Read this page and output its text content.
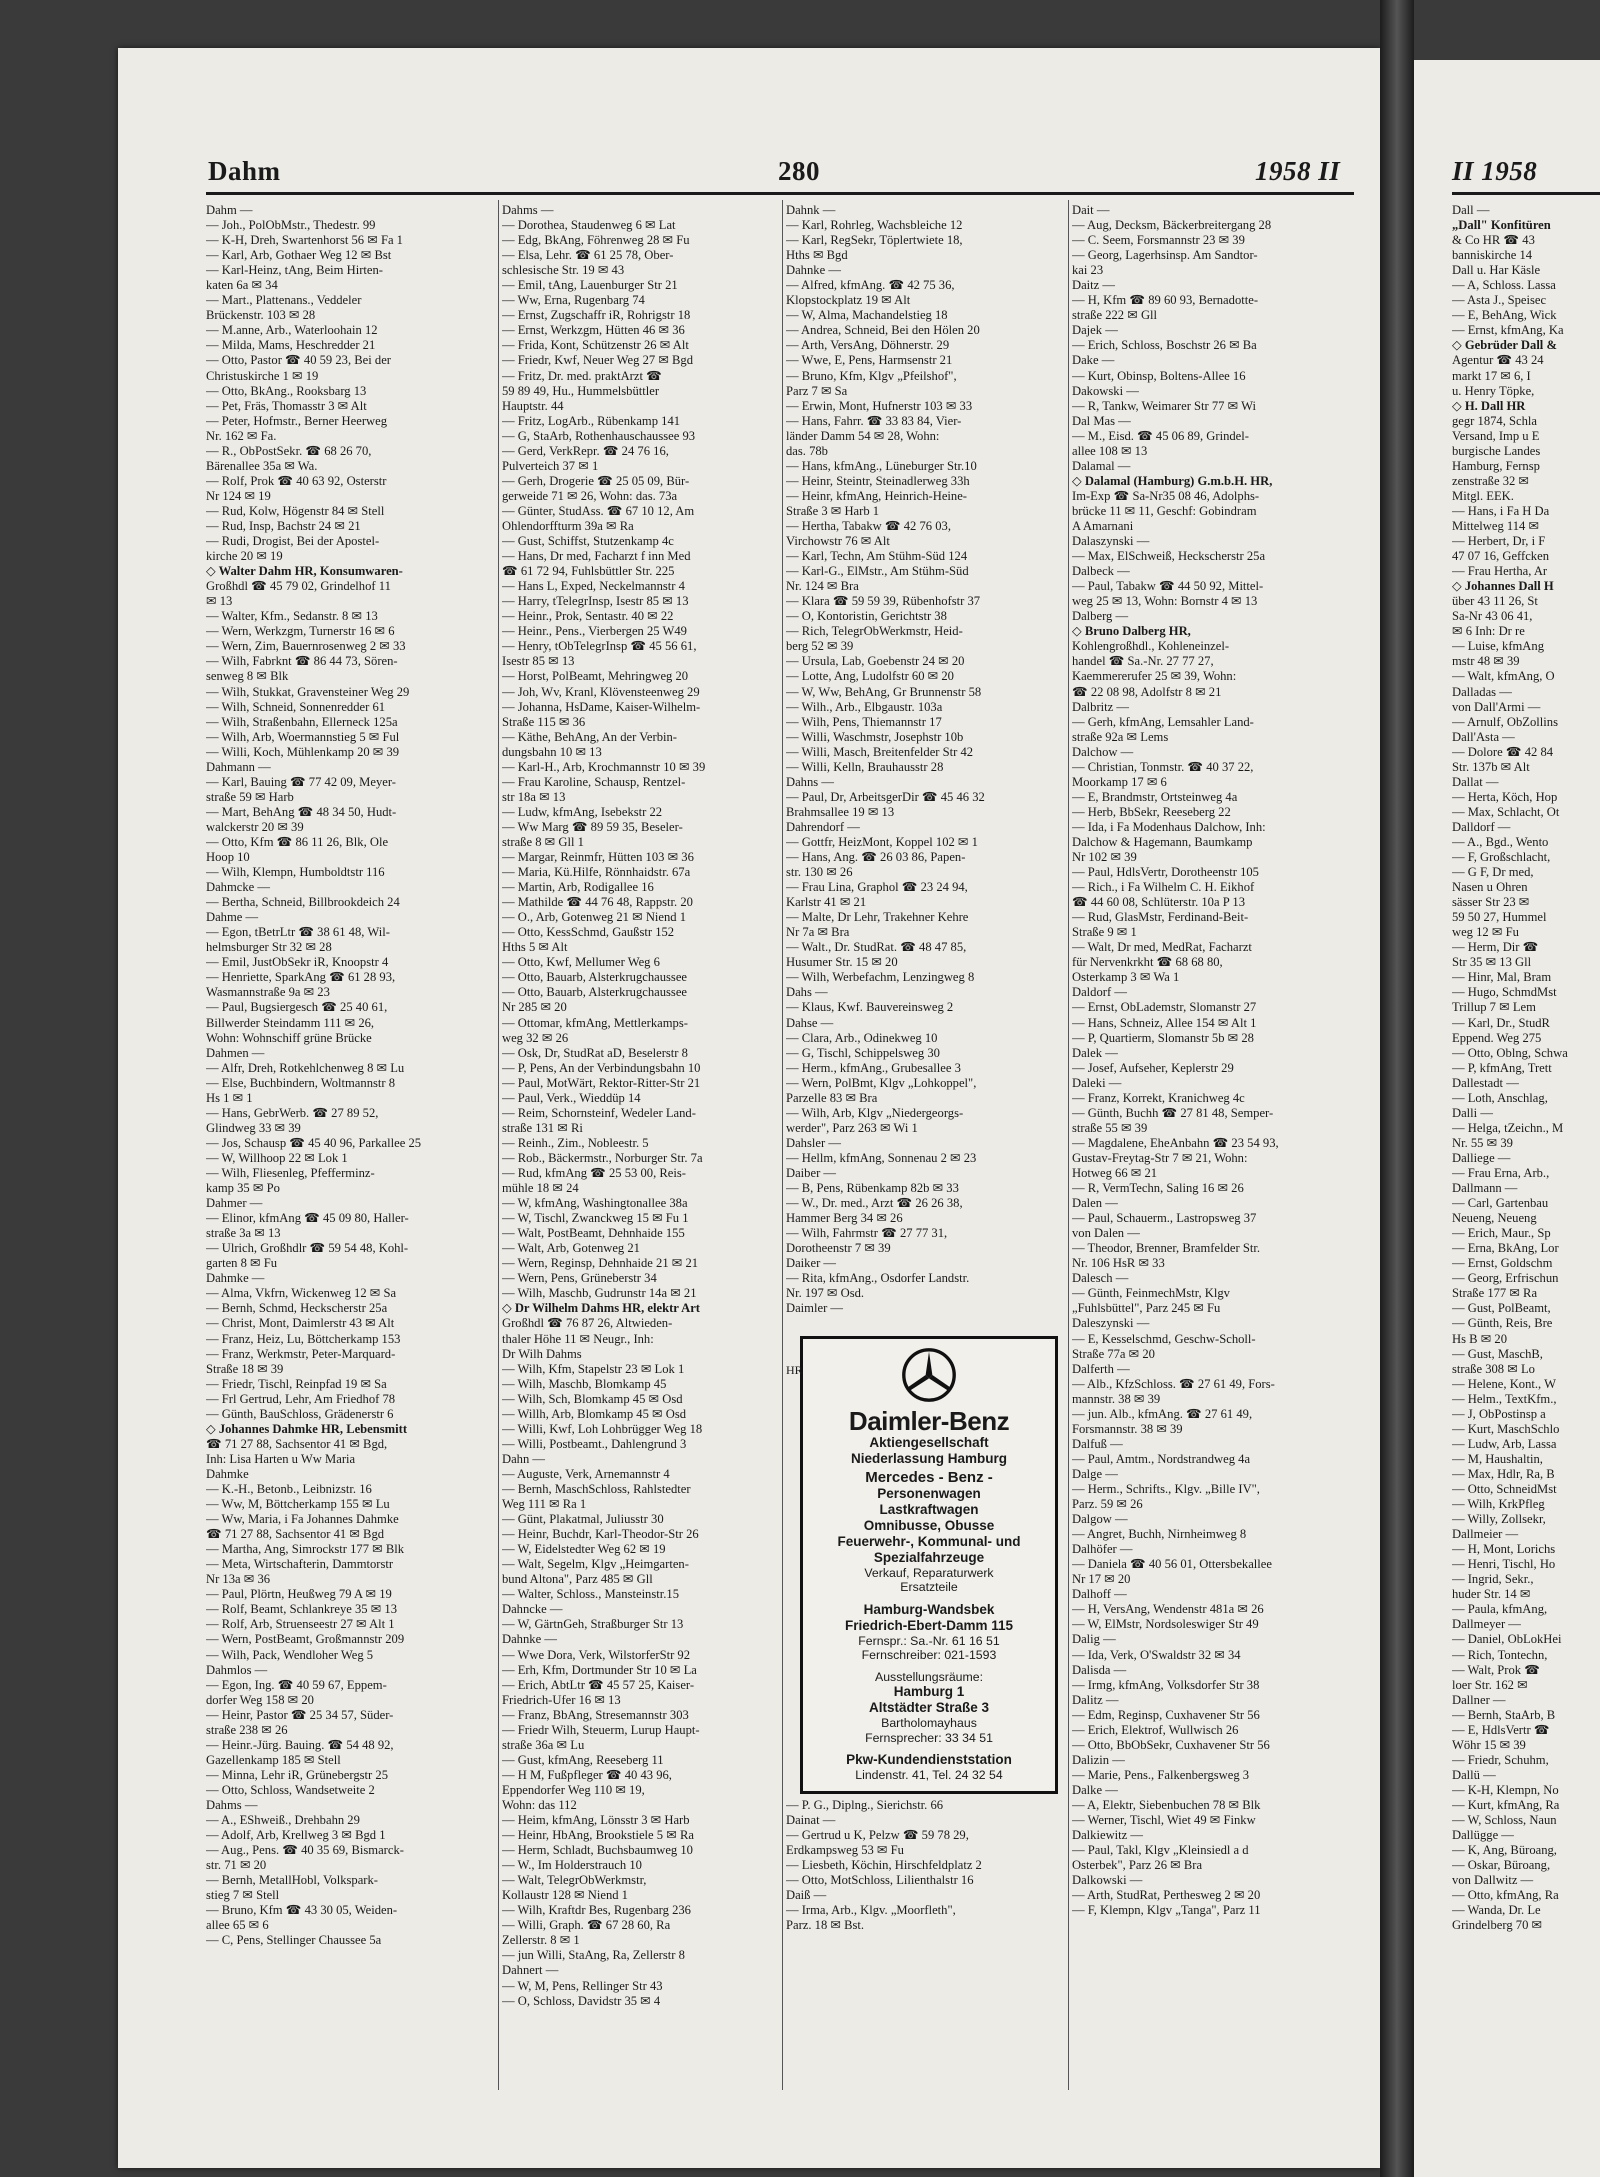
Dahm	280	1958 II	II 1958
Dahm —
— Joh., PolObMstr., Thedestr. 99
— K-H, Dreh, Swartenhorst 56 ✉ Fa 1
— Karl, Arb, Gothaer Weg 12 ✉ Bst
— Karl-Heinz, tAng, Beim Hirten-
katen 6a ✉ 34
— Mart., Plattenans., Veddeler
Brückenstr. 103 ✉ 28
— M.anne, Arb., Waterloohain 12
— Milda, Mams, Heschredder 21
— Otto, Pastor ☎ 40 59 23, Bei der
Christuskirche 1 ✉ 19
— Otto, BkAng., Rooksbarg 13
— Pet, Fräs, Thomasstr 3 ✉ Alt
— Peter, Hofmstr., Berner Heerweg
Nr. 162 ✉ Fa.
— R., ObPostSekr. ☎ 68 26 70,
Bärenallee 35a ✉ Wa.
— Rolf, Prok ☎ 40 63 92, Osterstr
Nr 124 ✉ 19
— Rud, Kolw, Högenstr 84 ✉ Stell
— Rud, Insp, Bachstr 24 ✉ 21
— Rudi, Drogist, Bei der Apostel-
kirche 20 ✉ 19
◇ Walter Dahm HR, Konsumwaren-
Großhdl ☎ 45 79 02, Grindelhof 11
✉ 13
— Walter, Kfm., Sedanstr. 8 ✉ 13
— Wern, Werkzgm, Turnerstr 16 ✉ 6
— Wern, Zim, Bauernrosenweg 2 ✉ 33
— Wilh, Fabrknt ☎ 86 44 73, Sören-
senweg 8 ✉ Blk
— Wilh, Stukkat, Gravensteiner Weg 29
— Wilh, Schneid, Sonnenredder 61
— Wilh, Straßenbahn, Ellerneck 125a
— Wilh, Arb, Woermannstieg 5 ✉ Ful
— Willi, Koch, Mühlenkamp 20 ✉ 39
Dahmann —
— Karl, Bauing ☎ 77 42 09, Meyer-
straße 59 ✉ Harb
— Mart, BehAng ☎ 48 34 50, Hudt-
walckerstr 20 ✉ 39
— Otto, Kfm ☎ 86 11 26, Blk, Ole
Hoop 10
— Wilh, Klempn, Humboldtstr 116
Dahmcke —
— Bertha, Schneid, Billbrookdeich 24
Dahme —
— Egon, tBetrLtr ☎ 38 61 48, Wil-
helmsburger Str 32 ✉ 28
— Emil, JustObSekr iR, Knoopstr 4
— Henriette, SparkAng ☎ 61 28 93,
Wasmannstraße 9a ✉ 23
— Paul, Bugsiergesch ☎ 25 40 61,
Billwerder Steindamm 111 ✉ 26,
Wohn: Wohnschiff grüne Brücke
Dahmen —
— Alfr, Dreh, Rotkehlchenweg 8 ✉ Lu
— Else, Buchbindern, Woltmannstr 8
Hs 1 ✉ 1
— Hans, GebrWerb. ☎ 27 89 52,
Glindweg 33 ✉ 39
— Jos, Schausp ☎ 45 40 96, Parkallee 25
— W, Willhoop 22 ✉ Lok 1
— Wilh, Fliesenleg, Pfefferminz-
kamp 35 ✉ Po
Dahmer —
— Elinor, kfmAng ☎ 45 09 80, Haller-
straße 3a ✉ 13
— Ulrich, Großhdlr ☎ 59 54 48, Kohl-
garten 8 ✉ Fu
Dahmke —
— Alma, Vkfrn, Wickenweg 12 ✉ Sa
— Bernh, Schmd, Heckscherstr 25a
— Christ, Mont, Daimlerstr 43 ✉ Alt
— Franz, Heiz, Lu, Böttcherkamp 153
— Franz, Werkmstr, Peter-Marquard-
Straße 18 ✉ 39
— Friedr, Tischl, Reinpfad 19 ✉ Sa
— Frl Gertrud, Lehr, Am Friedhof 78
— Günth, BauSchloss, Grädenerstr 6
◇ Johannes Dahmke HR, Lebensmitt
☎ 71 27 88, Sachsentor 41 ✉ Bgd,
Inh: Lisa Harten u Ww Maria
Dahmke
— K.-H., Betonb., Leibnizstr. 16
— Ww, M, Böttcherkamp 155 ✉ Lu
— Ww, Maria, i Fa Johannes Dahmke
☎ 71 27 88, Sachsentor 41 ✉ Bgd
— Martha, Ang, Simrockstr 177 ✉ Blk
— Meta, Wirtschafterin, Dammtorstr
Nr 13a ✉ 36
— Paul, Plörtn, Heußweg 79 A ✉ 19
— Rolf, Beamt, Schlankreye 35 ✉ 13
— Rolf, Arb, Struenseestr 27 ✉ Alt 1
— Wern, PostBeamt, Großmannstr 209
— Wilh, Pack, Wendloher Weg 5
Dahmlos —
— Egon, Ing. ☎ 40 59 67, Eppem-
dorfer Weg 158 ✉ 20
— Heinr, Pastor ☎ 25 34 57, Süder-
straße 238 ✉ 26
— Heinr.-Jürg. Bauing. ☎ 54 48 92,
Gazellenkamp 185 ✉ Stell
— Minna, Lehr iR, Grünebergstr 25
— Otto, Schloss, Wandsetweite 2
Dahms —
— A., EShweiß., Drehbahn 29
— Adolf, Arb, Krellweg 3 ✉ Bgd 1
— Aug., Pens. ☎ 40 35 69, Bismarck-
str. 71 ✉ 20
— Bernh, MetallHobl, Volkspark-
stieg 7 ✉ Stell
— Bruno, Kfm ☎ 43 30 05, Weiden-
allee 65 ✉ 6
— C, Pens, Stellinger Chaussee 5a
Dahms —
— Dorothea, Staudenweg 6 ✉ Lat
— Edg, BkAng, Föhrenweg 28 ✉ Fu
— Elsa, Lehr. ☎ 61 25 78, Ober-
schlesische Str. 19 ✉ 43
— Emil, tAng, Lauenburger Str 21
— Ww, Erna, Rugenbarg 74
— Ernst, Zugschaffr iR, Rohrigstr 18
— Ernst, Werkzgm, Hütten 46 ✉ 36
— Frida, Kont, Schützenstr 26 ✉ Alt
— Friedr, Kwf, Neuer Weg 27 ✉ Bgd
— Fritz, Dr. med. praktArzt ☎
59 89 49, Hu., Hummelsbüttler
Hauptstr. 44
— Fritz, LogArb., Rübenkamp 141
— G, StaArb, Rothenhauschaussee 93
— Gerd, VerkRepr. ☎ 24 76 16,
Pulverteich 37 ✉ 1
— Gerh, Drogerie ☎ 25 05 09, Bür-
gerweide 71 ✉ 26, Wohn: das. 73a
— Günter, StudAss. ☎ 67 10 12, Am
Ohlendorffturm 39a ✉ Ra
— Gust, Schiffst, Stutzenkamp 4c
— Hans, Dr med, Facharzt f inn Med
☎ 61 72 94, Fuhlsbüttler Str. 225
— Hans L, Exped, Neckelmannstr 4
— Harry, tTelegrInsp, Isestr 85 ✉ 13
— Heinr., Prok, Sentastr. 40 ✉ 22
— Heinr., Pens., Vierbergen 25 W49
— Henry, tObTelegrInsp ☎ 45 56 61,
Isestr 85 ✉ 13
— Horst, PolBeamt, Mehringweg 20
— Joh, Wv, Kranl, Klövensteenweg 29
— Johanna, HsDame, Kaiser-Wilhelm-
Straße 115 ✉ 36
— Käthe, BehAng, An der Verbin-
dungsbahn 10 ✉ 13
— Karl-H., Arb, Krochmannstr 10 ✉ 39
— Frau Karoline, Schausp, Rentzel-
str 18a ✉ 13
— Ludw, kfmAng, Isebekstr 22
— Ww Marg ☎ 89 59 35, Beseler-
straße 8 ✉ Gll 1
— Margar, Reinmfr, Hütten 103 ✉ 36
— Maria, Kü.Hilfe, Rönnhaidstr. 67a
— Martin, Arb, Rodigallee 16
— Mathilde ☎ 44 76 48, Rappstr. 20
— O., Arb, Gotenweg 21 ✉ Niend 1
— Otto, KessSchmd, Gaußstr 152
Hths 5 ✉ Alt
— Otto, Kwf, Mellumer Weg 6
— Otto, Bauarb, Alsterkrugchaussee
— Otto, Bauarb, Alsterkrugchaussee
Nr 285 ✉ 20
— Ottomar, kfmAng, Mettlerkamps-
weg 32 ✉ 26
— Osk, Dr, StudRat aD, Beselerstr 8
— P, Pens, An der Verbindungsbahn 10
— Paul, MotWärt, Rektor-Ritter-Str 21
— Paul, Verk., Wieddüp 14
— Reim, Schornsteinf, Wedeler Land-
straße 131 ✉ Ri
— Reinh., Zim., Nobleestr. 5
— Rob., Bäckermstr., Norburger Str. 7a
— Rud, kfmAng ☎ 25 53 00, Reis-
mühle 18 ✉ 24
— W, kfmAng, Washingtonallee 38a
— W, Tischl, Zwanckweg 15 ✉ Fu 1
— Walt, PostBeamt, Dehnhaide 155
— Walt, Arb, Gotenweg 21
— Wern, Reginsp, Dehnhaide 21 ✉ 21
— Wern, Pens, Grüneberstr 34
— Wilh, Maschb, Gudrunstr 14a ✉ 21
◇ Dr Wilhelm Dahms HR, elektr Art
Großhdl ☎ 76 87 26, Altwieden-
thaler Höhe 11 ✉ Neugr., Inh:
Dr Wilh Dahms
— Wilh, Kfm, Stapelstr 23 ✉ Lok 1
— Wilh, Maschb, Blomkamp 45
— Wilh, Sch, Blomkamp 45 ✉ Osd
— Willh, Arb, Blomkamp 45 ✉ Osd
— Willi, Kwf, Loh Lohbrügger Weg 18
— Willi, Postbeamt., Dahlengrund 3
Dahn —
— Auguste, Verk, Arnemannstr 4
— Bernh, MaschSchloss, Rahlstedter
Weg 111 ✉ Ra 1
— Günt, Plakatmal, Juliusstr 30
— Heinr, Buchdr, Karl-Theodor-Str 26
— W, Eidelstedter Weg 62 ✉ 19
— Walt, Segelm, Klgv „Heimgarten-
bund Altona", Parz 485 ✉ Gll
— Walter, Schloss., Mansteinstr.15
Dahncke —
— W, GärtnGeh, Straßburger Str 13
Dahnke —
— Wwe Dora, Verk, WilstorferStr 92
— Erh, Kfm, Dortmunder Str 10 ✉ La
— Erich, AbtLtr ☎ 45 57 25, Kaiser-
Friedrich-Ufer 16 ✉ 13
— Franz, BbAng, Stresemannstr 303
— Friedr Wilh, Steuerm, Lurup Haupt-
straße 36a ✉ Lu
— Gust, kfmAng, Reeseberg 11
— H M, Fußpfleger ☎ 40 43 96,
Eppendorfer Weg 110 ✉ 19,
Wohn: das 112
— Heim, kfmAng, Lönsstr 3 ✉ Harb
— Heinr, HbAng, Brookstiele 5 ✉ Ra
— Herm, Schladt, Buchsbaumweg 10
— W., Im Holderstrauch 10
— Walt, TelegrObWerkmstr,
Kollaustr 128 ✉ Niend 1
— Wilh, Kraftdr Bes, Rugenbarg 236
— Willi, Graph. ☎ 67 28 60, Ra
Zellerstr. 8 ✉ 1
— jun Willi, StaAng, Ra, Zellerstr 8
Dahnert —
— W, M, Pens, Rellinger Str 43
— O, Schloss, Davidstr 35 ✉ 4
Dahnk —
— Karl, Rohrleg, Wachsbleiche 12
— Karl, RegSekr, Töplertwiete 18,
Hths ✉ Bgd
Dahnke —
— Alfred, kfmAng. ☎ 42 75 36,
Klopstockplatz 19 ✉ Alt
— W, Alma, Machandelstieg 18
— Andrea, Schneid, Bei den Hölen 20
— Arth, VersAng, Döhnerstr. 29
— Wwe, E, Pens, Harmsenstr 21
— Bruno, Kfm, Klgv „Pfeilshof",
Parz 7 ✉ Sa
— Erwin, Mont, Hufnerstr 103 ✉ 33
— Hans, Fahrr. ☎ 33 83 84, Vier-
länder Damm 54 ✉ 28, Wohn:
das. 78b
— Hans, kfmAng., Lüneburger Str.10
— Heinr, Steintr, Steinadlerweg 33h
— Heinr, kfmAng, Heinrich-Heine-
Straße 3 ✉ Harb 1
— Hertha, Tabakw ☎ 42 76 03,
Virchowstr 76 ✉ Alt
— Karl, Techn, Am Stühm-Süd 124
— Karl-G., ElMstr., Am Stühm-Süd
Nr. 124 ✉ Bra
— Klara ☎ 59 59 39, Rübenhofstr 37
— O, Kontoristin, Gerichtstr 38
— Rich, TelegrObWerkmstr, Heid-
berg 52 ✉ 39
— Ursula, Lab, Goebenstr 24 ✉ 20
— Lotte, Ang, Ludolfstr 60 ✉ 20
— W, Ww, BehAng, Gr Brunnenstr 58
— Wilh., Arb., Elbgaustr. 103a
— Wilh, Pens, Thiemannstr 17
— Willi, Waschmstr, Josephstr 10b
— Willi, Masch, Breitenfelder Str 42
— Willi, Kelln, Brauhausstr 28
Dahns —
— Paul, Dr, ArbeitsgerDir ☎ 45 46 32
Brahmsallee 19 ✉ 13
Dahrendorf —
— Gottfr, HeizMont, Koppel 102 ✉ 1
— Hans, Ang. ☎ 26 03 86, Papen-
str. 130 ✉ 26
— Frau Lina, Graphol ☎ 23 24 94,
Karlstr 41 ✉ 21
— Malte, Dr Lehr, Trakehner Kehre
Nr 7a ✉ Bra
— Walt., Dr. StudRat. ☎ 48 47 85,
Husumer Str. 15 ✉ 20
— Wilh, Werbefachm, Lenzingweg 8
Dahs —
— Klaus, Kwf. Bauvereinsweg 2
Dahse —
— Clara, Arb., Odinekweg 10
— G, Tischl, Schippelsweg 30
— Herm., kfmAng., Grubesallee 3
— Wern, PolBmt, Klgv „Lohkoppel",
Parzelle 83 ✉ Bra
— Wilh, Arb, Klgv „Niedergeorgs-
werder", Parz 263 ✉ Wi 1
Dahsler —
— Hellm, kfmAng, Sonnenau 2 ✉ 23
Daiber —
— B, Pens, Rübenkamp 82b ✉ 33
— W., Dr. med., Arzt ☎ 26 26 38,
Hammer Berg 34 ✉ 26
— Wilh, Fahrmstr ☎ 27 77 31,
Dorotheenstr 7 ✉ 39
Daiker —
— Rita, kfmAng., Osdorfer Landstr.
Nr. 197 ✉ Osd.
Daimler —

Daimler-Benz
Aktiengesellschaft
Niederlassung Hamburg
Mercedes - Benz -
Personenwagen
Lastkraftwagen
Omnibusse, Obusse
Feuerwehr-, Kommunal- und
Spezialfahrzeuge
Verkauf, Reparaturwerk
Ersatzteile
Hamburg-Wandsbek
Friedrich-Ebert-Damm 115
Fernspr.: Sa.-Nr. 61 16 51
Fernschreiber: 021-1593
Ausstellungsräume:
Hamburg 1
Altstädter Straße 3
Bartholomayhaus
Fernsprecher: 33 34 51
Pkw-Kundendienststation
Lindenstr. 41, Tel. 24 32 54
— P. G., Diplng., Sierichstr. 66
Dainat —
— Gertrud u K, Pelzw ☎ 59 78 29,
Erdkampsweg 53 ✉ Fu
— Liesbeth, Köchin, Hirschfeldplatz 2
— Otto, MotSchloss, Lilienthalstr 16
Daiß —
— Irma, Arb., Klgv. „Moorfleth",
Parz. 18 ✉ Bst.
Dait —
— Aug, Decksm, Bäckerbreitergang 28
— C. Seem, Forsmannstr 23 ✉ 39
— Georg, Lagerhsinsp. Am Sandtor-
kai 23
Daitz —
— H, Kfm ☎ 89 60 93, Bernadotte-
straße 222 ✉ Gll
Dajek —
— Erich, Schloss, Boschstr 26 ✉ Ba
Dake —
— Kurt, Obinsp, Boltens-Allee 16
Dakowski —
— R, Tankw, Weimarer Str 77 ✉ Wi
Dal Mas —
— M., Eisd. ☎ 45 06 89, Grindel-
allee 108 ✉ 13
Dalamal —
◇ Dalamal (Hamburg) G.m.b.H. HR,
Im-Exp ☎ Sa-Nr35 08 46, Adolphs-
brücke 11 ✉ 11, Geschf: Gobindram
A Amarnani
Dalaszynski —
— Max, ElSchweiß, Heckscherstr 25a
Dalbeck —
— Paul, Tabakw ☎ 44 50 92, Mittel-
weg 25 ✉ 13, Wohn: Bornstr 4 ✉ 13
Dalberg —
◇ Bruno Dalberg HR,
Kohlengroßhdl., Kohleneinzel-
handel ☎ Sa.-Nr. 27 77 27,
Kaemmererufer 25 ✉ 39, Wohn:
☎ 22 08 98, Adolfstr 8 ✉ 21
Dalbritz —
— Gerh, kfmAng, Lemsahler Land-
straße 92a ✉ Lems
Dalchow —
— Christian, Tonmstr. ☎ 40 37 22,
Moorkamp 17 ✉ 6
— E, Brandmstr, Ortsteinweg 4a
— Herb, BbSekr, Reeseberg 22
— Ida, i Fa Modenhaus Dalchow, Inh:
Dalchow & Hagemann, Baumkamp
Nr 102 ✉ 39
— Paul, HdlsVertr, Dorotheenstr 105
— Rich., i Fa Wilhelm C. H. Eikhof
☎ 44 60 08, Schlüterstr. 10a P 13
— Rud, GlasMstr, Ferdinand-Beit-
Straße 9 ✉ 1
— Walt, Dr med, MedRat, Facharzt
für Nervenkrkht ☎ 68 68 80,
Osterkamp 3 ✉ Wa 1
Daldorf —
— Ernst, ObLademstr, Slomanstr 27
— Hans, Schneiz, Allee 154 ✉ Alt 1
— P, Quartierm, Slomanstr 5b ✉ 28
Dalek —
— Josef, Aufseher, Keplerstr 29
Daleki —
— Franz, Korrekt, Kranichweg 4c
— Günth, Buchh ☎ 27 81 48, Semper-
straße 55 ✉ 39
— Magdalene, EheAnbahn ☎ 23 54 93,
Gustav-Freytag-Str 7 ✉ 21, Wohn:
Hotweg 66 ✉ 21
— R, VermTechn, Saling 16 ✉ 26
Dalen —
— Paul, Schauerm., Lastropsweg 37
von Dalen —
— Theodor, Brenner, Bramfelder Str.
Nr. 106 HsR ✉ 33
Dalesch —
— Günth, FeinmechMstr, Klgv
„Fuhlsbüttel", Parz 245 ✉ Fu
Daleszynski —
— E, Kesselschmd, Geschw-Scholl-
Straße 77a ✉ 20
Dalferth —
— Alb., KfzSchloss. ☎ 27 61 49, Fors-
mannstr. 38 ✉ 39
— jun. Alb., kfmAng. ☎ 27 61 49,
Forsmannstr. 38 ✉ 39
Dalfuß —
— Paul, Amtm., Nordstrandweg 4a
Dalge —
— Herm., Schrifts., Klgv. „Bille IV",
Parz. 59 ✉ 26
Dalgow —
— Angret, Buchh, Nirnheimweg 8
Dalhöfer —
— Daniela ☎ 40 56 01, Ottersbekallee
Nr 17 ✉ 20
Dalhoff —
— H, VersAng, Wendenstr 481a ✉ 26
— W, ElMstr, Nordsoleswiger Str 49
Dalig —
— Ida, Verk, O'Swaldstr 32 ✉ 34
Dalisda —
— Irmg, kfmAng, Volksdorfer Str 38
Dalitz —
— Edm, Reginsp, Cuxhavener Str 56
— Erich, Elektrof, Wullwisch 26
— Otto, BbObSekr, Cuxhavener Str 56
Dalizin —
— Marie, Pens., Falkenbergsweg 3
Dalke —
— A, Elektr, Siebenbuchen 78 ✉ Blk
— Werner, Tischl, Wiet 49 ✉ Finkw
Dalkiewitz —
— Paul, Takl, Klgv „Kleinsiedl a d
Osterbek", Parz 26 ✉ Bra
Dalkowski —
— Arth, StudRat, Perthesweg 2 ✉ 20
— F, Klempn, Klgv „Tanga", Parz 11
Dall —
„Dall" Konfitüren
& Co HR ☎ 43
banniskirche 14
Dall u. Har Käsle
— A, Schloss. Lassa
— Asta J., Speisec
— E, BehAng, Wick
— Ernst, kfmAng, Ka
◇ Gebrüder Dall &
Agentur ☎ 43 24
markt 17 ✉ 6, I
u. Henry Töpke,
◇ H. Dall HR
gegr 1874, Schla
Versand, Imp u E
burgische Landes
Hamburg, Fernsp
zenstraße 32 ✉
Mitgl. EEK.
— Hans, i Fa H Da
Mittelweg 114 ✉
— Herbert, Dr, i F
47 07 16, Geffcken
— Frau Hertha, Ar
◇ Johannes Dall H
über 43 11 26, St
Sa-Nr 43 06 41,
✉ 6 Inh: Dr re
— Luise, kfmAng
mstr 48 ✉ 39
— Walt, kfmAng, O
Dalladas —
von Dall'Armi —
— Arnulf, ObZollins
Dall'Asta —
— Dolore ☎ 42 84
Str. 137b ✉ Alt
Dallat —
— Herta, Köch, Hop
— Max, Schlacht, Ot
Dalldorf —
— A., Bgd., Wento
— F, Großschlacht,
— G F, Dr med,
Nasen u Ohren
sässer Str 23 ✉
59 50 27, Hummel
weg 12 ✉ Fu
— Herm, Dir ☎
Str 35 ✉ 13 Gll
— Hinr, Mal, Bram
— Hugo, SchmdMst
Trillup 7 ✉ Lem
— Karl, Dr., StudR
Eppend. Weg 275
— Otto, Oblng, Schwa
— P, kfmAng, Trett
Dallestadt —
— Loth, Anschlag,
Dalli —
— Helga, tZeichn., M
Nr. 55 ✉ 39
Dalliege —
— Frau Erna, Arb.,
Dallmann —
— Carl, Gartenbau
Neueng, Neueng
— Erich, Maur., Sp
— Erna, BkAng, Lor
— Ernst, Goldschm
— Georg, Erfrischun
Straße 177 ✉ Ra
— Gust, PolBeamt,
— Günth, Reis, Bre
Hs B ✉ 20
— Gust, MaschB,
straße 308 ✉ Lo
— Helene, Kont., W
— Helm., TextKfm.,
— J, ObPostinsp a
— Kurt, MaschSchlo
— Ludw, Arb, Lassa
— M, Haushaltin,
— Max, Hdlr, Ra, B
— Otto, SchneidMst
— Wilh, KrkPfleg
— Willy, Zollsekr,
Dallmeier —
— H, Mont, Lorichs
— Henri, Tischl, Ho
— Ingrid, Sekr.,
huder Str. 14 ✉
— Paula, kfmAng,
Dallmeyer —
— Daniel, ObLokHei
— Rich, Tontechn,
— Walt, Prok ☎
loer Str. 162 ✉
Dallner —
— Bernh, StaArb, B
— E, HdlsVertr ☎
Wöhr 15 ✉ 39
— Friedr, Schuhm,
Dallü —
— K-H, Klempn, No
— Kurt, kfmAng, Ra
— W, Schloss, Naun
Dallügge —
— K, Ang, Büroang,
— Oskar, Büroang,
von Dallwitz —
— Otto, kfmAng, Ra
— Wanda, Dr. Le
Grindelberg 70 ✉
HR
